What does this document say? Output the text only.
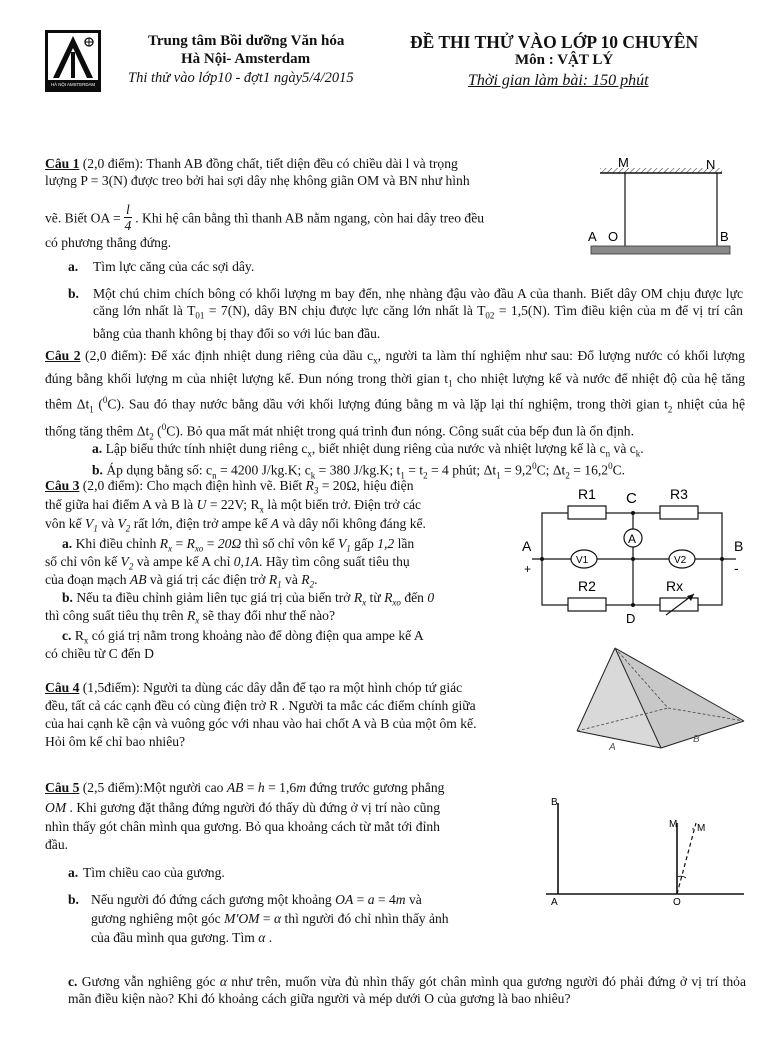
HÀ NỘI AMSTERDAM
Trung tâm Bồi dưỡng Văn hóa
Hà Nội- Amsterdam
Thi thử vào lớp10 - đợt1 ngày5/4/2015
ĐỀ THI THỬ VÀO LỚP 10 CHUYÊN
Môn : VẬT LÝ
Thời gian làm bài: 150 phút
Câu 1 (2,0 điểm): Thanh AB đồng chất, tiết diện đều có chiều dài l và trọng
lượng P = 3(N) được treo bởi hai sợi dây nhẹ không giãn OM và BN như hình
vẽ. Biết OA = $\frac{l}{4}$ . Khi hệ cân bằng thì thanh AB nằm ngang, còn hai dây treo đều
có phương thẳng đứng.
a. Tìm lực căng của các sợi dây.
b. Một chú chim chích bông có khối lượng m bay đến, nhẹ nhàng đậu vào đầu A của thanh. Biết dây OM chịu được lực căng lớn nhất là $T_{01} = 7(N)$, dây BN chịu được lực căng lớn nhất là $T_{02} = 1,5(N)$. Tìm điều kiện của m để vị trí cân bằng của thanh không bị thay đổi so với lúc ban đầu.
M	N
A O	B
Câu 2 (2,0 điểm): Để xác định nhiệt dung riêng của dầu $c_x$, người ta làm thí nghiệm như sau: Đổ lượng nước có khối lượng đúng bằng khối lượng m của nhiệt lượng kế. Đun nóng trong thời gian $t_1$ cho nhiệt lượng kế và nước để nhiệt độ của hệ tăng thêm $\Delta t_1$ ($^0$C). Sau đó thay nước bằng dầu với khối lượng đúng bằng m và lặp lại thí nghiệm, trong thời gian $t_2$ nhiệt của hệ thống tăng thêm $\Delta t_2$ ($^0$C). Bỏ qua mất mát nhiệt trong quá trình đun nóng. Công suất của bếp đun là ổn định.
a. Lập biểu thức tính nhiệt dung riêng $c_x$, biết nhiệt dung riêng của nước và nhiệt lượng kế là $c_n$ và $c_k$.
b. Áp dụng bằng số: $c_n = 4200$ J/kg.K; $c_k = 380$ J/kg.K; $t_1 = t_2 = 4$ phút; $\Delta t_1 = 9,2^0C$; $\Delta t_2 = 16,2^0C$.
Câu 3 (2,0 điểm): Cho mạch điện hình vẽ. Biết $R_3 = 20\Omega$, hiệu điện
thế giữa hai điểm A và B là U = 22V; $R_x$ là một biến trở. Điện trở các
vôn kế $V_1$ và $V_2$ rất lớn, điện trở ampe kế A và dây nối không đáng kể.
a. Khi điều chỉnh $R_x = R_{xo} = 20\Omega$ thì số chỉ vôn kế $V_1$ gấp 1,2 lần
số chỉ vôn kế $V_2$ và ampe kế A chỉ 0,1A. Hãy tìm công suất tiêu thụ
của đoạn mạch AB và giá trị các điện trở $R_1$ và $R_2$.
b. Nếu ta điều chỉnh giảm liên tục giá trị của biến trở $R_x$ từ $R_{xo}$ đến 0
thì công suất tiêu thụ trên $R_x$ sẽ thay đổi như thế nào?
c. $R_x$ có giá trị nằm trong khoảng nào để dòng điện qua ampe kế A
có chiều từ C đến D
A
V1	V2
R1	R3
C
R2	Rx
D
A	B
+	-
Câu 4 (1,5điểm): Người ta dùng các dây dẫn để tạo ra một hình chóp tứ giác
đều, tất cả các cạnh đều có cùng điện trở R . Người ta mắc các điểm chính giữa
của hai cạnh kề cận và vuông góc với nhau vào hai chốt A và B của một ôm kế.
Hỏi ôm kế chỉ bao nhiêu?	A
B
Câu 5 (2,5 điểm):Một người cao AB = h = 1,6m đứng trước gương phẳng
OM . Khi gương đặt thẳng đứng người đó thấy dù đứng ở vị trí nào cũng
nhìn thấy gót chân mình qua gương. Bỏ qua khoảng cách từ mắt tới đỉnh
đầu.
a. Tìm chiều cao của gương.
b. Nếu người đó đứng cách gương một khoảng OA = a = 4m và
gương nghiêng một góc M'OM = α thì người đó chỉ nhìn thấy ảnh
của đầu mình qua gương. Tìm α .
c. Gương vẫn nghiêng góc α như trên, muốn vừa đủ nhìn thấy gót chân mình qua gương người đó phải đứng ở vị trí thỏa mãn điều kiện nào? Khi đó khoảng cách giữa người và mép dưới O của gương là bao nhiêu?
B
A
M , M
O
